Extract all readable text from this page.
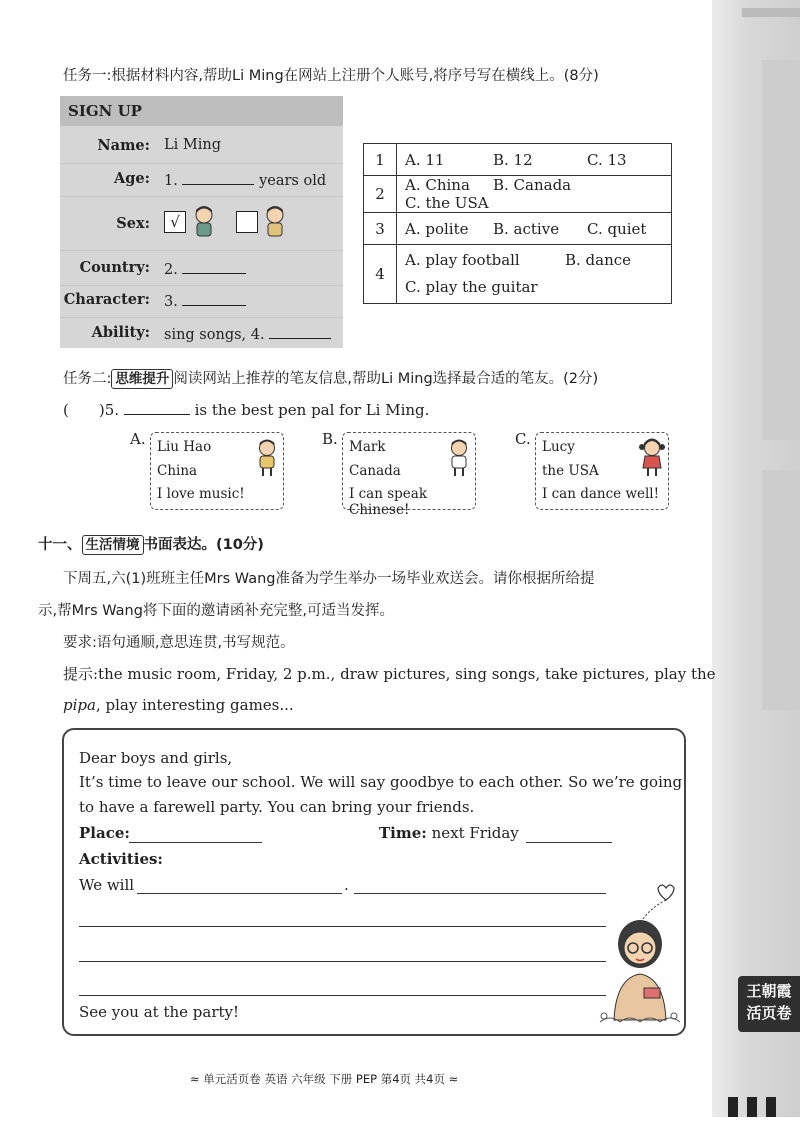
王朝霞
活页卷
任务一:根据材料内容,帮助Li Ming在网站上注册个人账号,将序号写在横线上。(8分)
SIGN UP
Name: Li Ming
Age: 1.	years old
Sex:	√
Country: 2.
Character: 3.
Ability: sing songs, 4.
1	A. 11 B. 12 C. 13
2	A. China B. CanadaC. the USA
3	A. polite B. active C. quiet
4	A. play football B. dance
C. play the guitar
任务二: 思维提升 阅读网站上推荐的笔友信息,帮助Li Ming选择最合适的笔友。(2分)
( )5.	is the best pen pal for Li Ming.
A. Liu Hao
China
I love music!
B. Mark
Canada
I can speak Chinese!
C. Lucy
the USA
I can dance well!
十一、 生活情境 书面表达。(10分)
下周五,六(1)班班主任Mrs Wang准备为学生举办一场毕业欢送会。请你根据所给提
示,帮Mrs Wang将下面的邀请函补充完整,可适当发挥。
要求:语句通顺,意思连贯,书写规范。
提示:the music room, Friday, 2 p.m., draw pictures, sing songs, take pictures, play the
pipa, play interesting games...
Dear boys and girls,
It’s time to leave our school. We will say goodbye to each other. So we’re going
to have a farewell party. You can bring your friends.
Place:	Time: next Friday
Activities:
We will	.
See you at the party!
≈ 单元活页卷 英语 六年级 下册 PEP 第4页 共4页 ≈
